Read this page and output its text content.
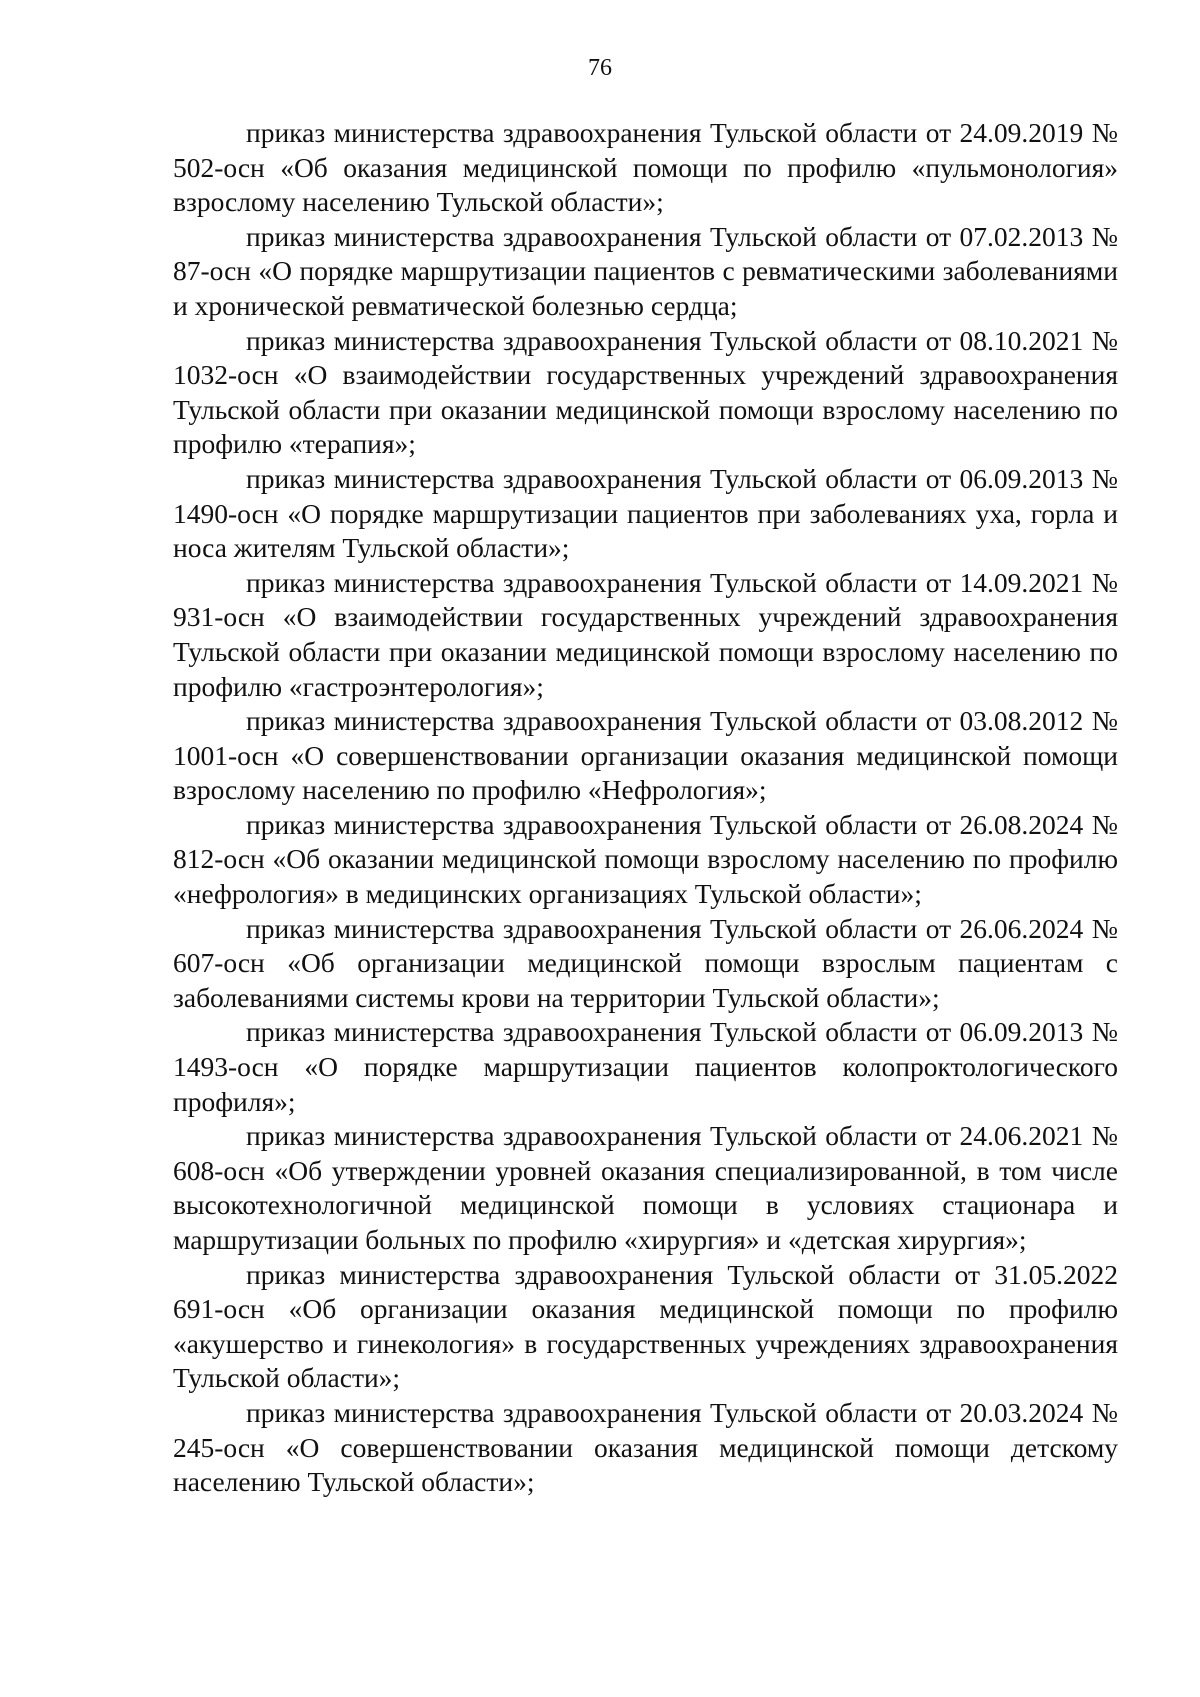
76

приказ министерства здравоохранения Тульской области от 24.09.2019 № 502-осн «Об оказания медицинской помощи по профилю «пульмонология» взрослому населению Тульской области»;

приказ министерства здравоохранения Тульской области от 07.02.2013 № 87-осн «О порядке маршрутизации пациентов с ревматическими заболеваниями и хронической ревматической болезнью сердца;

приказ министерства здравоохранения Тульской области от 08.10.2021 № 1032-осн «О взаимодействии государственных учреждений здравоохранения Тульской области при оказании медицинской помощи взрослому населению по профилю «терапия»;

приказ министерства здравоохранения Тульской области от 06.09.2013 № 1490-осн «О порядке маршрутизации пациентов при заболеваниях уха, горла и носа жителям Тульской области»;

приказ министерства здравоохранения Тульской области от 14.09.2021 № 931-осн «О взаимодействии государственных учреждений здравоохранения Тульской области при оказании медицинской помощи взрослому населению по профилю «гастроэнтерология»;

приказ министерства здравоохранения Тульской области от 03.08.2012 № 1001-осн «О совершенствовании организации оказания медицинской помощи взрослому населению по профилю «Нефрология»;

приказ министерства здравоохранения Тульской области от 26.08.2024 № 812-осн «Об оказании медицинской помощи взрослому населению по профилю «нефрология» в медицинских организациях Тульской области»;

приказ министерства здравоохранения Тульской области от 26.06.2024 № 607-осн «Об организации медицинской помощи взрослым пациентам с заболеваниями системы крови на территории Тульской области»;

приказ министерства здравоохранения Тульской области от 06.09.2013 № 1493-осн «О порядке маршрутизации пациентов колопроктологического профиля»;

приказ министерства здравоохранения Тульской области от 24.06.2021 № 608-осн «Об утверждении уровней оказания специализированной, в том числе высокотехнологичной медицинской помощи в условиях стационара и маршрутизации больных по профилю «хирургия» и «детская хирургия»;

приказ министерства здравоохранения Тульской области от 31.05.2022 691-осн «Об организации оказания медицинской помощи по профилю «акушерство и гинекология» в государственных учреждениях здравоохранения Тульской области»;

приказ министерства здравоохранения Тульской области от 20.03.2024 № 245-осн «О совершенствовании оказания медицинской помощи детскому населению Тульской области»;
